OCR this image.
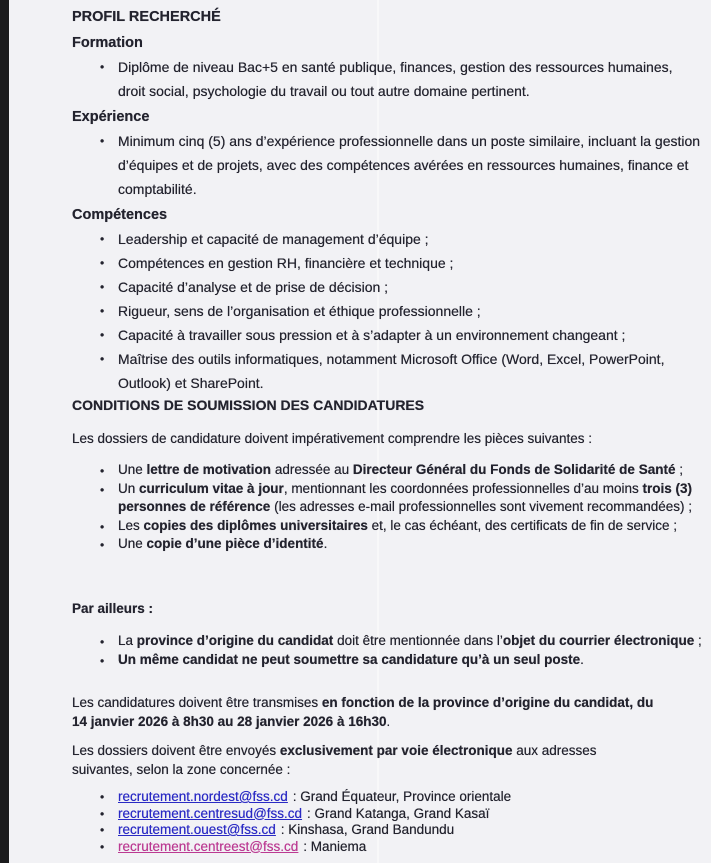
PROFIL RECHERCHÉ

Formation

• Diplôme de niveau Bac+5 en santé publique, finances, gestion des ressources humaines, droit social, psychologie du travail ou tout autre domaine pertinent.

Expérience

• Minimum cinq (5) ans d’expérience professionnelle dans un poste similaire, incluant la gestion d’équipes et de projets, avec des compétences avérées en ressources humaines, finance et comptabilité.

Compétences

• Leadership et capacité de management d’équipe ;
• Compétences en gestion RH, financière et technique ;
• Capacité d’analyse et de prise de décision ;
• Rigueur, sens de l’organisation et éthique professionnelle ;
• Capacité à travailler sous pression et à s’adapter à un environnement changeant ;
• Maîtrise des outils informatiques, notamment Microsoft Office (Word, Excel, PowerPoint, Outlook) et SharePoint.

CONDITIONS DE SOUMISSION DES CANDIDATURES

Les dossiers de candidature doivent impérativement comprendre les pièces suivantes :

• Une lettre de motivation adressée au Directeur Général du Fonds de Solidarité de Santé ;
• Un curriculum vitae à jour, mentionnant les coordonnées professionnelles d’au moins trois (3) personnes de référence (les adresses e-mail professionnelles sont vivement recommandées) ;
• Les copies des diplômes universitaires et, le cas échéant, des certificats de fin de service ;
• Une copie d’une pièce d’identité.

Par ailleurs :

• La province d’origine du candidat doit être mentionnée dans l’objet du courrier électronique ;
• Un même candidat ne peut soumettre sa candidature qu’à un seul poste.

Les candidatures doivent être transmises en fonction de la province d’origine du candidat, du 14 janvier 2026 à 8h30 au 28 janvier 2026 à 16h30.

Les dossiers doivent être envoyés exclusivement par voie électronique aux adresses suivantes, selon la zone concernée :

• recrutement.nordest@fss.cd : Grand Équateur, Province orientale
• recrutement.centresud@fss.cd : Grand Katanga, Grand Kasaï
• recrutement.ouest@fss.cd : Kinshasa, Grand Bandundu
• recrutement.centreest@fss.cd : Maniema
